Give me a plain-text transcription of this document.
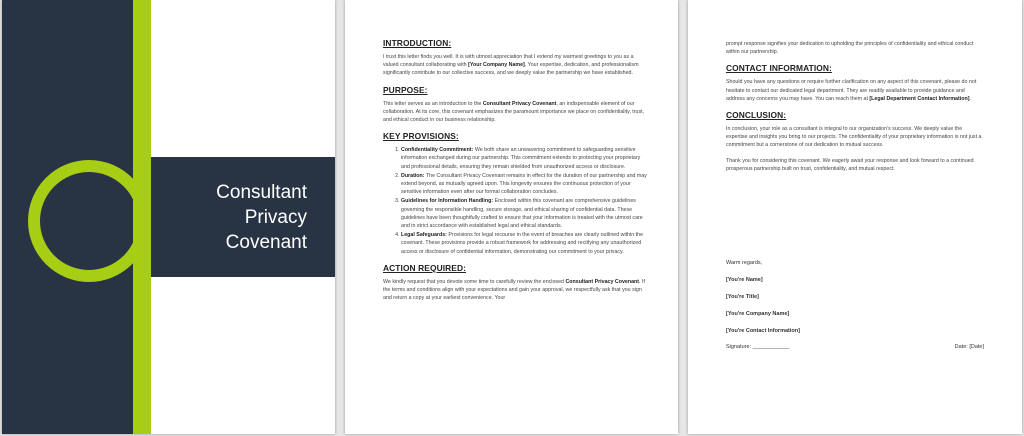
Consultant
Privacy
Covenant
INTRODUCTION:

I trust this letter finds you well. It is with utmost appreciation that I extend my warmest greetings to you as a valued consultant collaborating with [Your Company Name]. Your expertise, dedication, and professionalism significantly contribute to our collective success, and we deeply value the partnership we have established.

PURPOSE:

This letter serves as an introduction to the Consultant Privacy Covenant, an indispensable element of our collaboration. At its core, this covenant emphasizes the paramount importance we place on confidentiality, trust, and ethical conduct in our business relationship.

KEY PROVISIONS:
1. Confidentiality Commitment: We both share an unwavering commitment to safeguarding sensitive information exchanged during our partnership. This commitment extends to protecting your proprietary and professional details, ensuring they remain shielded from unauthorized access or disclosure.
2. Duration: The Consultant Privacy Covenant remains in effect for the duration of our partnership and may extend beyond, as mutually agreed upon. This longevity ensures the continuous protection of your sensitive information even after our formal collaboration concludes.
3. Guidelines for Information Handling: Enclosed within this covenant are comprehensive guidelines governing the responsible handling, secure storage, and ethical sharing of confidential data. These guidelines have been thoughtfully crafted to ensure that your information is treated with the utmost care and in strict accordance with established legal and ethical standards.
4. Legal Safeguards: Provisions for legal recourse in the event of breaches are clearly outlined within the covenant. These provisions provide a robust framework for addressing and rectifying any unauthorized access or disclosure of confidential information, demonstrating our commitment to your privacy.
ACTION REQUIRED:

We kindly request that you devote some time to carefully review the enclosed Consultant Privacy Covenant. If the terms and conditions align with your expectations and gain your approval, we respectfully ask that you sign and return a copy at your earliest convenience. Your

prompt response signifies your dedication to upholding the principles of confidentiality and ethical conduct within our partnership.

CONTACT INFORMATION:

Should you have any questions or require further clarification on any aspect of this covenant, please do not hesitate to contact our dedicated legal department. They are readily available to provide guidance and address any concerns you may have. You can reach them at [Legal Department Contact Information].

CONCLUSION:

In conclusion, your role as a consultant is integral to our organization's success. We deeply value the expertise and insights you bring to our projects. The confidentiality of your proprietary information is not just a commitment but a cornerstone of our dedication to mutual success.

Thank you for considering this covenant. We eagerly await your response and look forward to a continued prosperous partnership built on trust, confidentiality, and mutual respect.

Warm regards,
[You're Name]
[You're Title]
[You're Company Name]
[You're Contact Information]
Signature: ____________	Date: [Date]
